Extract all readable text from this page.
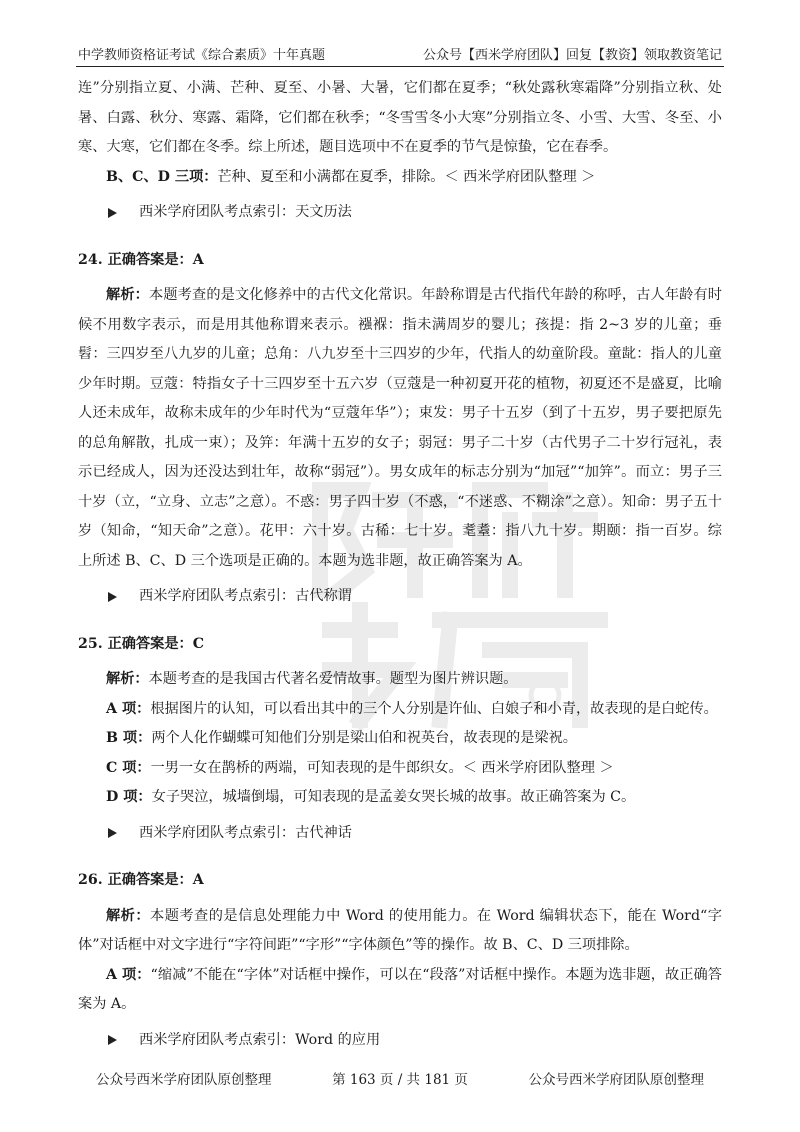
中学教师资格证考试《综合素质》十年真题	公众号【西米学府团队】回复【教资】领取教资笔记

连”分别指立夏、小满、芒种、夏至、小暑、大暑，它们都在夏季；“秋处露秋寒霜降”分别指立秋、处暑、白露、秋分、寒露、霜降，它们都在秋季；“冬雪雪冬小大寒”分别指立冬、小雪、大雪、冬至、小寒、大寒，它们都在冬季。综上所述，题目选项中不在夏季的节气是惊蛰，它在春季。

B、C、D 三项：芒种、夏至和小满都在夏季，排除。＜ 西米学府团队整理 ＞

西米学府团队考点索引：天文历法

24. 正确答案是：A

解析：本题考查的是文化修养中的古代文化常识。年龄称谓是古代指代年龄的称呼，古人年龄有时候不用数字表示，而是用其他称谓来表示。襁褓：指未满周岁的婴儿；孩提：指 2~3 岁的儿童；垂髫：三四岁至八九岁的儿童；总角：八九岁至十三四岁的少年，代指人的幼童阶段。童龀：指人的儿童少年时期。豆蔻：特指女子十三四岁至十五六岁（豆蔻是一种初夏开花的植物，初夏还不是盛夏，比喻人还未成年，故称未成年的少年时代为“豆蔻年华”）；束发：男子十五岁（到了十五岁，男子要把原先的总角解散，扎成一束）；及笄：年满十五岁的女子；弱冠：男子二十岁（古代男子二十岁行冠礼，表示已经成人，因为还没达到壮年，故称“弱冠”）。男女成年的标志分别为“加冠”“加笄”。而立：男子三十岁（立，“立身、立志”之意）。不惑：男子四十岁（不惑，“不迷惑、不糊涂”之意）。知命：男子五十岁（知命，“知天命”之意）。花甲：六十岁。古稀：七十岁。耄耋：指八九十岁。期颐：指一百岁。综上所述 B、C、D 三个选项是正确的。本题为选非题，故正确答案为 A。

西米学府团队考点索引：古代称谓

25. 正确答案是：C

解析：本题考查的是我国古代著名爱情故事。题型为图片辨识题。

A 项：根据图片的认知，可以看出其中的三个人分别是许仙、白娘子和小青，故表现的是白蛇传。

B 项：两个人化作蝴蝶可知他们分别是梁山伯和祝英台，故表现的是梁祝。

C 项：一男一女在鹊桥的两端，可知表现的是牛郎织女。＜ 西米学府团队整理 ＞

D 项：女子哭泣，城墙倒塌，可知表现的是孟姜女哭长城的故事。故正确答案为 C。

西米学府团队考点索引：古代神话

26. 正确答案是：A

解析：本题考查的是信息处理能力中 Word 的使用能力。在 Word 编辑状态下，能在 Word“字体”对话框中对文字进行“字符间距”“字形”“字体颜色”等的操作。故 B、C、D 三项排除。

A 项：“缩减”不能在“字体”对话框中操作，可以在“段落”对话框中操作。本题为选非题，故正确答案为 A。

西米学府团队考点索引：Word 的应用
公众号西米学府团队原创整理	第 163 页 / 共 181 页	公众号西米学府团队原创整理
